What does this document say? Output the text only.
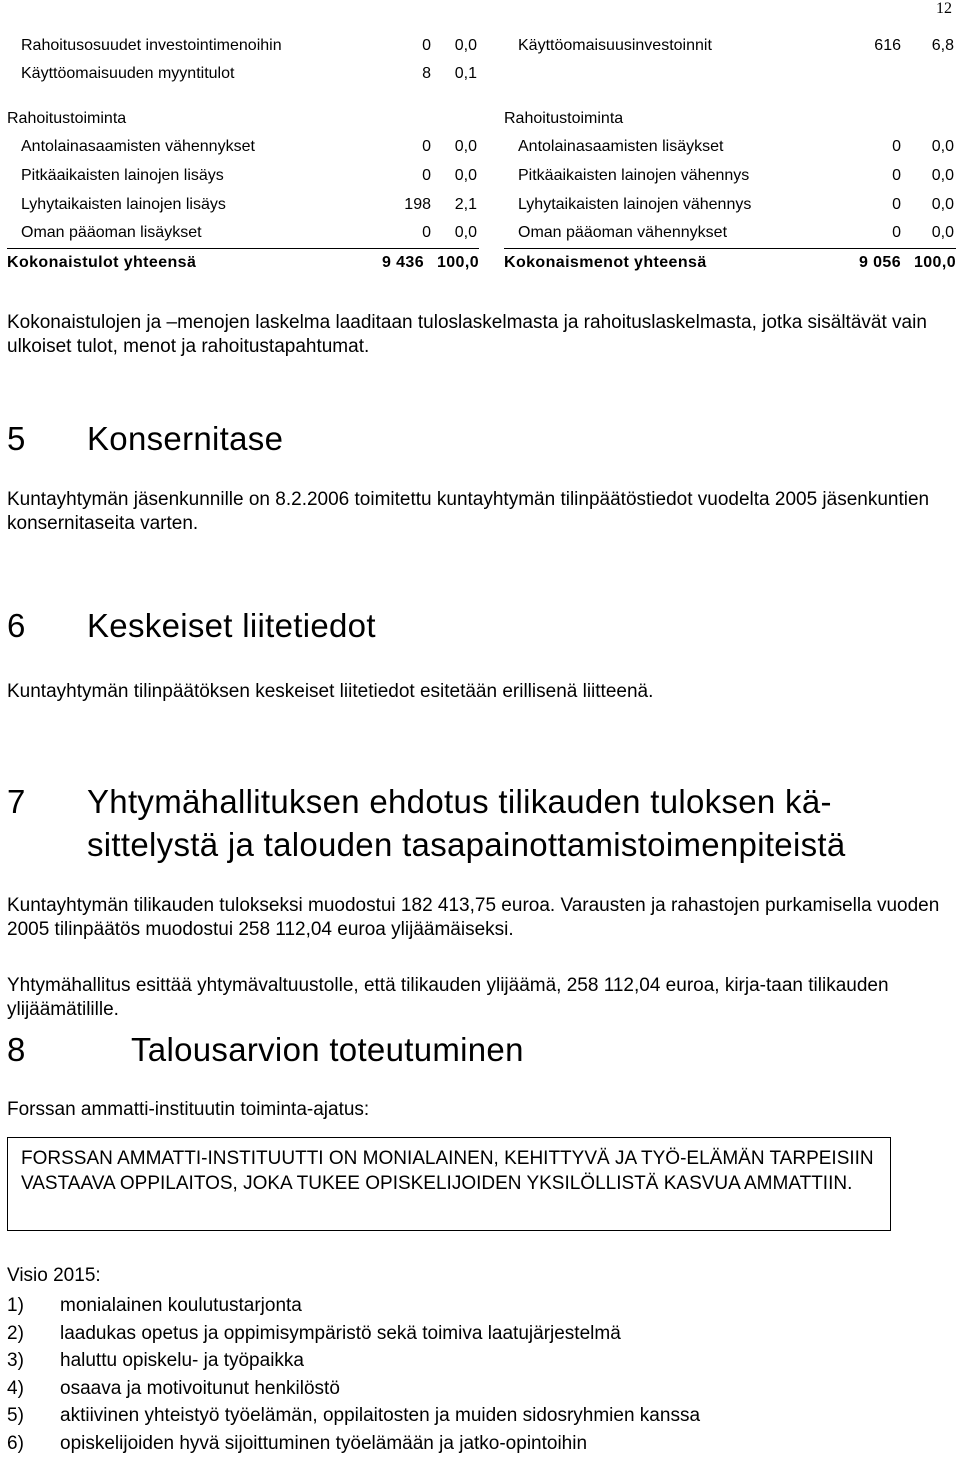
12
Rahoitusosuudet investointimenoihin	0 0,0
Käyttöomaisuuden myyntitulot	8 0,1
Rahoitustoiminta
Antolainasaamisten vähennykset	0 0,0
Pitkäaikaisten lainojen lisäys	0 0,0
Lyhytaikaisten lainojen lisäys	198 2,1
Oman pääoman lisäykset	0 0,0
Kokonaistulot yhteensä	9 436 100,0
Käyttöomaisuusinvestoinnit	616 6,8
Rahoitustoiminta
Antolainasaamisten lisäykset	0 0,0
Pitkäaikaisten lainojen vähennys	0 0,0
Lyhytaikaisten lainojen vähennys	0 0,0
Oman pääoman vähennykset	0 0,0
Kokonaismenot yhteensä	9 056 100,0

Kokonaistulojen ja –menojen laskelma laaditaan tuloslaskelmasta ja rahoituslaskelmasta, jotka sisältävät vain ulkoiset tulot, menot ja rahoitustapahtumat.

5 Konsernitase

Kuntayhtymän jäsenkunnille on 8.2.2006 toimitettu kuntayhtymän tilinpäätöstiedot vuodelta 2005 jäsenkuntien konsernitaseita varten.

6 Keskeiset liitetiedot

Kuntayhtymän tilinpäätöksen keskeiset liitetiedot esitetään erillisenä liitteenä.

7 Yhtymähallituksen ehdotus tilikauden tuloksen kä-
sittelystä ja talouden tasapainottamistoimenpiteistä

Kuntayhtymän tilikauden tulokseksi muodostui 182 413,75 euroa. Varausten ja rahastojen purkamisella vuoden 2005 tilinpäätös muodostui 258 112,04 euroa ylijäämäiseksi.

Yhtymähallitus esittää yhtymävaltuustolle, että tilikauden ylijäämä, 258 112,04 euroa, kirja-taan tilikauden ylijäämätilille.

8	Talousarvion toteutuminen

Forssan ammatti-instituutin toiminta-ajatus:

FORSSAN AMMATTI-INSTITUUTTI ON MONIALAINEN, KEHITTYVÄ JA TYÖ-ELÄMÄN TARPEISIIN VASTAAVA OPPILAITOS, JOKA TUKEE OPISKELIJOIDEN YKSILÖLLISTÄ KASVUA AMMATTIIN.

Visio 2015:

1) monialainen koulutustarjonta
2) laadukas opetus ja oppimisympäristö sekä toimiva laatujärjestelmä
3) haluttu opiskelu- ja työpaikka
4) osaava ja motivoitunut henkilöstö
5) aktiivinen yhteistyö työelämän, oppilaitosten ja muiden sidosryhmien kanssa
6) opiskelijoiden hyvä sijoittuminen työelämään ja jatko-opintoihin
